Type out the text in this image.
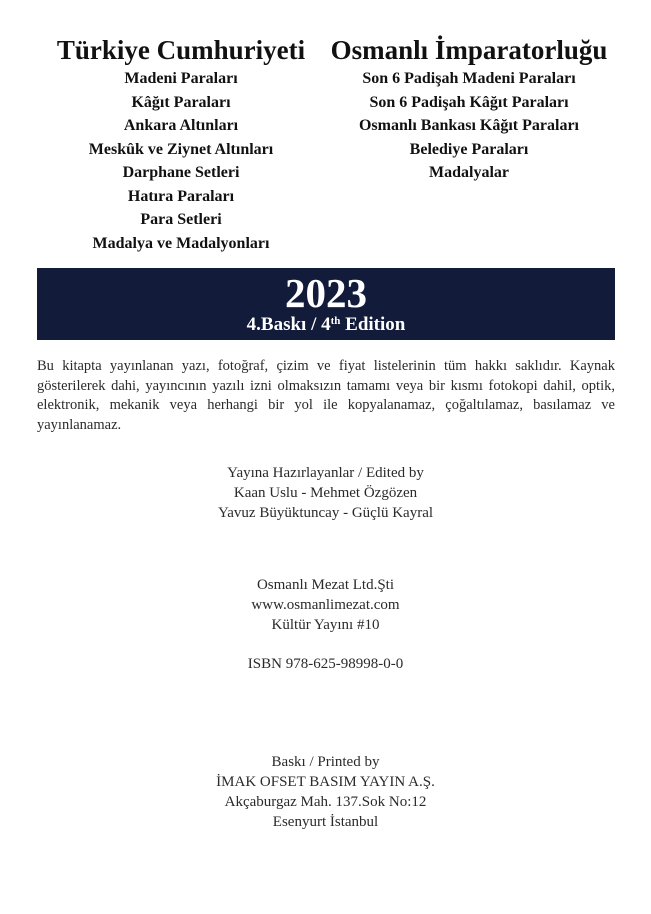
Türkiye Cumhuriyeti
Madeni Paraları
Kâğıt Paraları
Ankara Altınları
Meskûk ve Ziynet Altınları
Darphane Setleri
Hatıra Paraları
Para Setleri
Madalya ve Madalyonları
Osmanlı İmparatorluğu
Son 6 Padişah Madeni Paraları
Son 6 Padişah Kâğıt Paraları
Osmanlı Bankası Kâğıt Paraları
Belediye Paraları
Madalyalar
2023
4.Baskı / 4th Edition
Bu kitapta yayınlanan yazı, fotoğraf, çizim ve fiyat listelerinin tüm hakkı saklıdır. Kaynak gösterilerek dahi, yayıncının yazılı izni olmaksızın tamamı veya bir kısmı fotokopi dahil, optik, elektronik, mekanik veya herhangi bir yol ile kopyalanamaz, çoğaltılamaz, basılamaz ve yayınlanamaz.
Yayına Hazırlayanlar / Edited by
Kaan Uslu - Mehmet Özgözen
Yavuz Büyüktuncay - Güçlü Kayral
Osmanlı Mezat Ltd.Şti
www.osmanlimezat.com
Kültür Yayını #10
ISBN 978-625-98998-0-0
Baskı / Printed by
İMAK OFSET BASIM YAYIN A.Ş.
Akçaburgaz Mah. 137.Sok No:12
Esenyurt İstanbul
